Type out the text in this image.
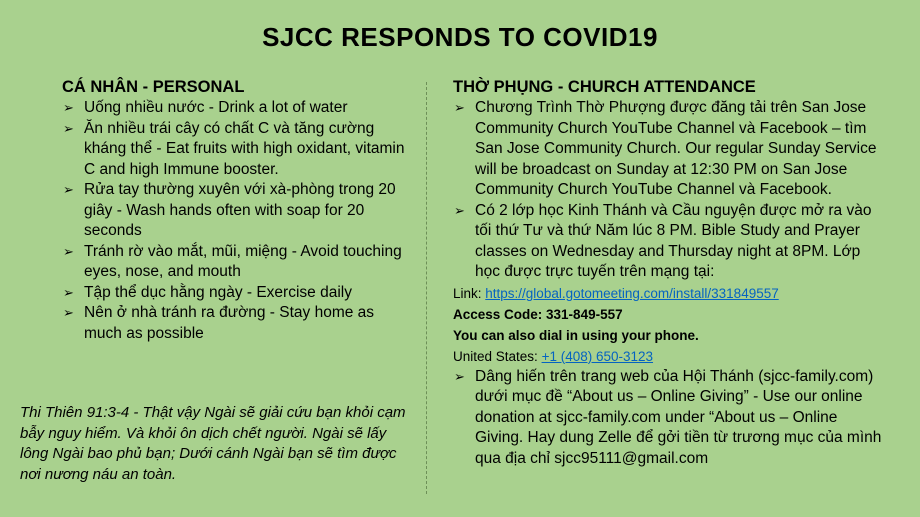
SJCC RESPONDS TO COVID19
CÁ NHÂN - PERSONAL
➢ Uống nhiều nước - Drink a lot of water
➢ Ăn nhiều trái cây có chất C và tăng cường kháng thể - Eat fruits with high oxidant, vitamin C and high Immune booster.
➢ Rửa tay thường xuyên với xà-phòng trong 20 giây - Wash hands often with soap for 20 seconds
➢ Tránh rờ vào mắt, mũi, miệng - Avoid touching eyes, nose, and mouth
➢ Tập thể dục hằng ngày - Exercise daily
➢ Nên ở nhà tránh ra đường - Stay home as much as possible
Thi Thiên 91:3-4 - Thật vậy Ngài sẽ giải cứu bạn khỏi cạm bẫy nguy hiểm. Và khỏi ôn dịch chết người. Ngài sẽ lấy lông Ngài bao phủ bạn; Dưới cánh Ngài bạn sẽ tìm được nơi nương náu an toàn.
THỜ PHỤNG - CHURCH ATTENDANCE
➢ Chương Trình Thờ Phượng được đăng tải trên San Jose Community Church YouTube Channel và Facebook – tìm San Jose Community Church. Our regular Sunday Service will be broadcast on Sunday at 12:30 PM on San Jose Community Church YouTube Channel và Facebook.
➢ Có 2 lớp học Kinh Thánh và Cầu nguyện được mở ra vào tối thứ Tư và thứ Năm lúc 8 PM. Bible Study and Prayer classes on Wednesday and Thursday night at 8PM. Lớp học được trực tuyến trên mạng tại:
Link: https://global.gotomeeting.com/install/331849557
Access Code: 331-849-557
You can also dial in using your phone.
United States: +1 (408) 650-3123
➢ Dâng hiến trên trang web của Hội Thánh (sjcc-family.com) dưới mục đề “About us – Online Giving” - Use our online donation at sjcc-family.com under “About us – Online Giving. Hay dung Zelle để gởi tiền từ trương mục của mình qua địa chỉ sjcc95111@gmail.com
